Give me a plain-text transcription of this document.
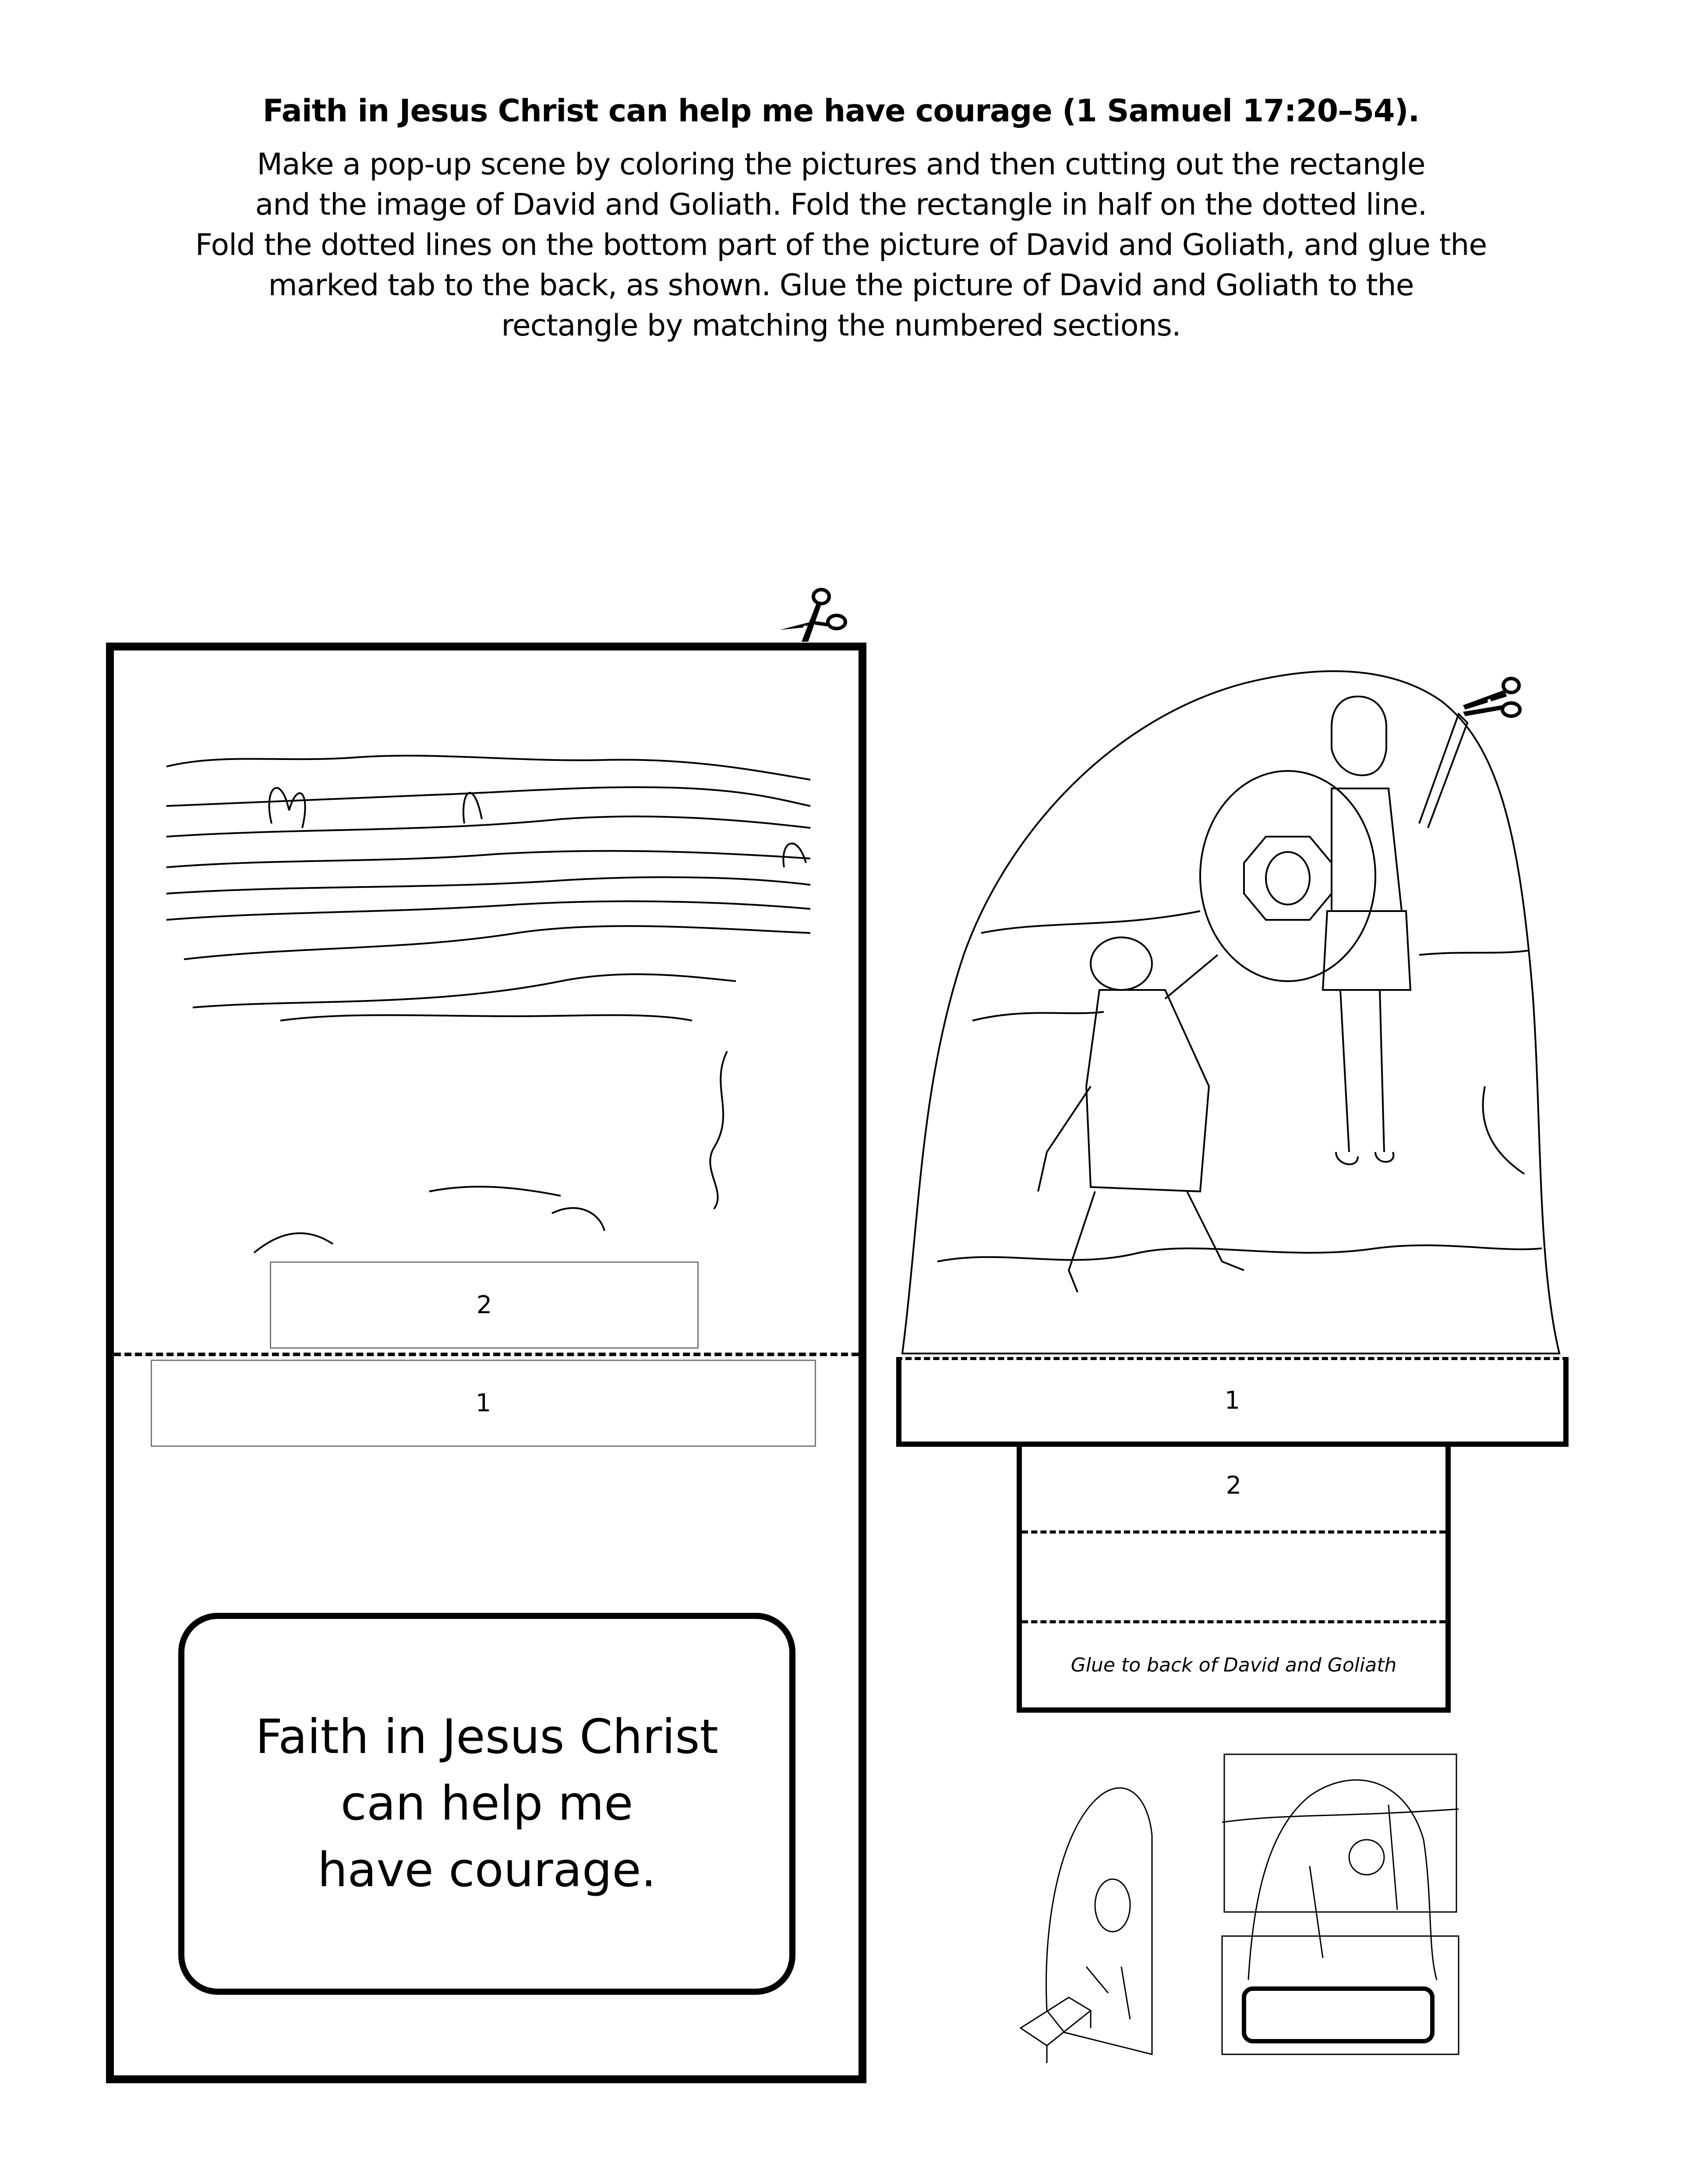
Faith in Jesus Christ can help me have courage (1 Samuel 17:20–54).
Make a pop-up scene by coloring the pictures and then cutting out the rectangle
and the image of David and Goliath. Fold the rectangle in half on the dotted line.
Fold the dotted lines on the bottom part of the picture of David and Goliath, and glue the
marked tab to the back, as shown. Glue the picture of David and Goliath to the
rectangle by matching the numbered sections.
2
1
Faith in Jesus Christ
can help me
have courage.
1
2
Glue to back of David and Goliath
